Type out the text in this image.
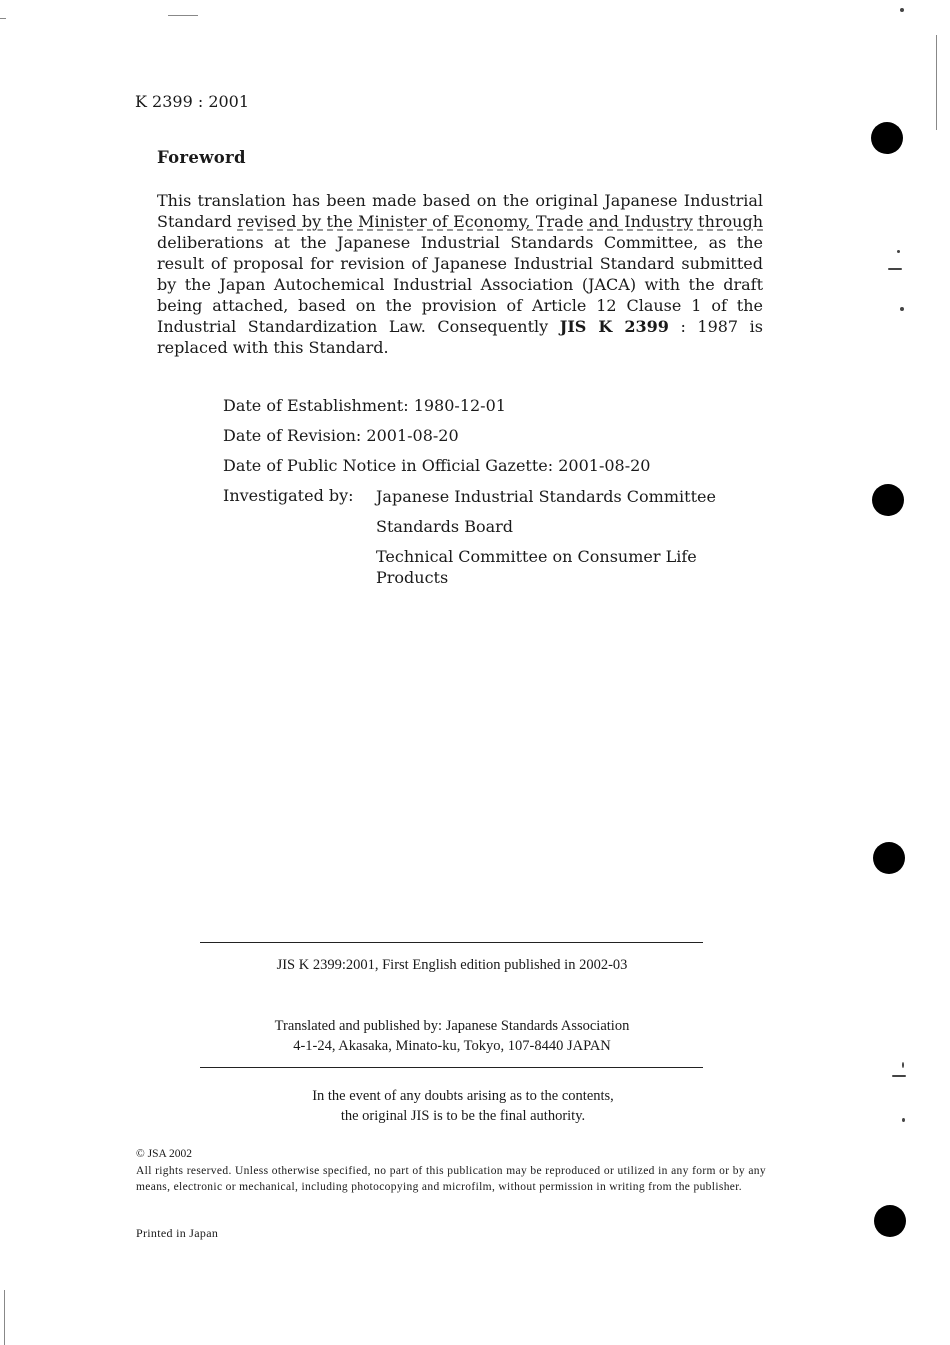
K 2399 : 2001
Foreword

This translation has been made based on the original Japanese Industrial

Standard revised by the Minister of Economy, Trade and Industry through

deliberations at the Japanese Industrial Standards Committee, as the

result of proposal for revision of Japanese Industrial Standard submitted

by the Japan Autochemical Industrial Association (JACA) with the draft

being attached, based on the provision of Article 12 Clause 1 of the

Industrial Standardization Law. Consequently JIS K 2399 : 1987 is

replaced with this Standard.

Date of Establishment: 1980-12-01
Date of Revision: 2001-08-20
Date of Public Notice in Official Gazette: 2001-08-20
Investigated by: Japanese Industrial Standards Committee
Standards Board
Technical Committee on Consumer Life
Products
JIS K 2399:2001, First English edition published in 2002-03
Translated and published by: Japanese Standards Association
4-1-24, Akasaka, Minato-ku, Tokyo, 107-8440 JAPAN
In the event of any doubts arising as to the contents,
the original JIS is to be the final authority.
© JSA 2002
All rights reserved. Unless otherwise specified, no part of this publication may be reproduced or utilized in any form or by any means, electronic or mechanical, including photocopying and microfilm, without permission in writing from the publisher.
Printed in Japan
